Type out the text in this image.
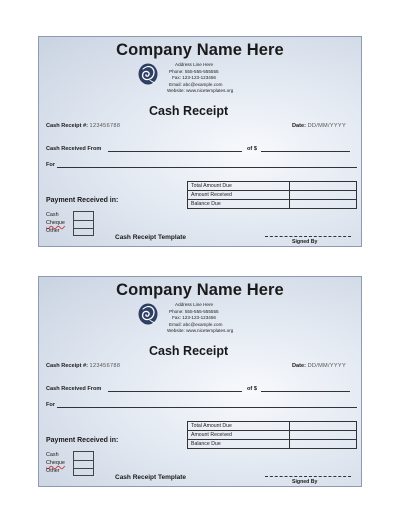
Company Name Here
Address Line Here
Phone: 555-555-555555
Fax: 123-123-123456
Email: abc@example.com
Website: www.nicetemplates.org
Cash Receipt
Cash Receipt #: 123456788	Date: DD/MM/YYYY
Cash Received From	of $
For
Total Amount Due	
Amount Received	
Balance Due	
Payment Received in:
Cash
Cheque
Other
Cash Receipt Template
Signed By
Company Name Here
Address Line Here
Phone: 555-555-555555
Fax: 123-123-123456
Email: abc@example.com
Website: www.nicetemplates.org
Cash Receipt
Cash Receipt #: 123456788	Date: DD/MM/YYYY
Cash Received From	of $
For
Total Amount Due	
Amount Received	
Balance Due	
Payment Received in:
Cash
Cheque
Other
Cash Receipt Template
Signed By
